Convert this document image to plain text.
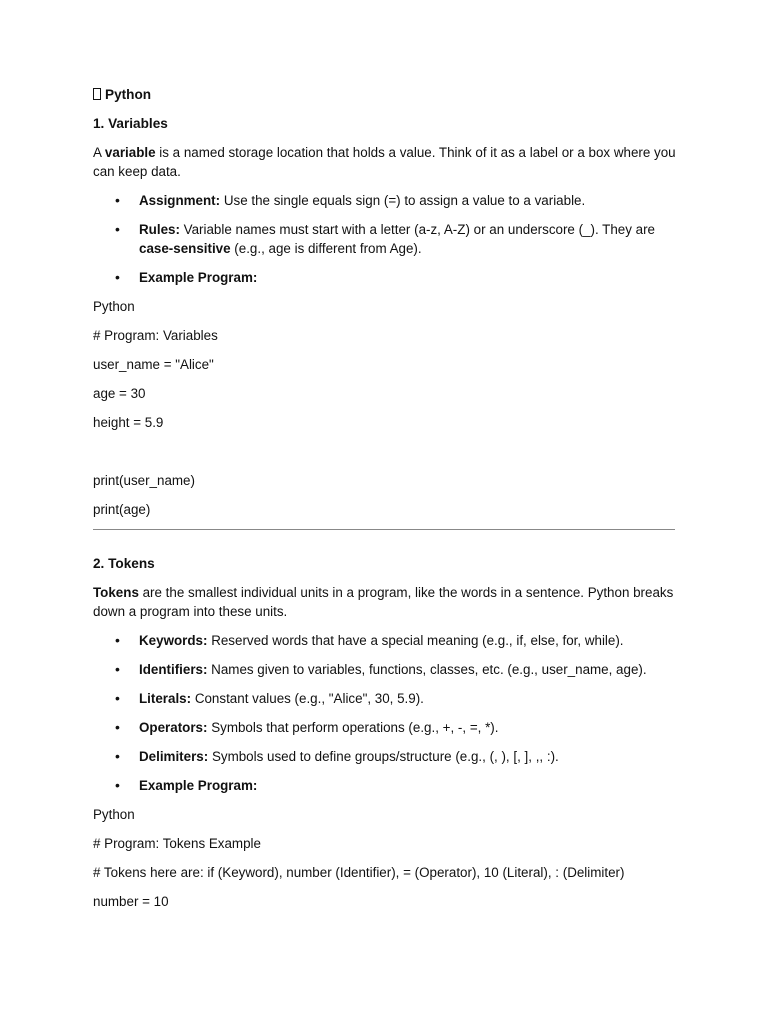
Python

1. Variables

A variable is a named storage location that holds a value. Think of it as a label or a box where you can keep data.

• Assignment: Use the single equals sign (=) to assign a value to a variable.
• Rules: Variable names must start with a letter (a-z, A-Z) or an underscore (_). They are case-sensitive (e.g., age is different from Age).
• Example Program:

Python

# Program: Variables

user_name = "Alice"

age = 30

height = 5.9

print(user_name)

print(age)

2. Tokens

Tokens are the smallest individual units in a program, like the words in a sentence. Python breaks down a program into these units.

• Keywords: Reserved words that have a special meaning (e.g., if, else, for, while).
• Identifiers: Names given to variables, functions, classes, etc. (e.g., user_name, age).
• Literals: Constant values (e.g., "Alice", 30, 5.9).
• Operators: Symbols that perform operations (e.g., +, -, =, *).
• Delimiters: Symbols used to define groups/structure (e.g., (, ), [, ], ,, :).
• Example Program:

Python

# Program: Tokens Example

# Tokens here are: if (Keyword), number (Identifier), = (Operator), 10 (Literal), : (Delimiter)

number = 10
